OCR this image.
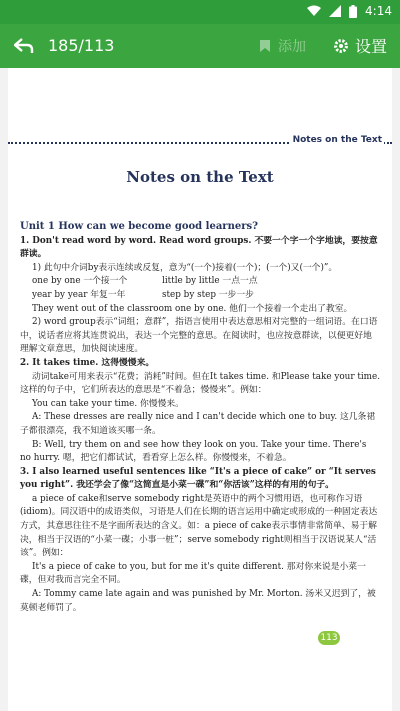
4:14
185/113	添加	设置
Notes on the Text
Notes on the Text
Unit 1 How can we become good learners?
1. Don't read word by word. Read word groups. 不要一个字一个字地读，要按意群读。
1) 此句中介词by表示连续或反复，意为“(一个)接着(一个)；(一个)又(一个)”。
one by one 一个接一个	little by little 一点一点
year by year 年复一年	step by step 一步一步
They went out of the classroom one by one. 他们一个接着一个走出了教室。
2) word group表示“词组；意群”，指语言使用中表达意思相对完整的一组词语。在口语中，说话者应将其连贯说出，表达一个完整的意思。在阅读时，也应按意群读，以便更好地理解文章意思，加快阅读速度。
2. It takes time. 这得慢慢来。
动词take可用来表示“花费；消耗”时间。但在It takes time. 和Please take your time. 这样的句子中，它们所表达的意思是“不着急；慢慢来”。例如：
You can take your time. 你慢慢来。
A: These dresses are really nice and I can't decide which one to buy. 这几条裙子都很漂亮，我不知道该买哪一条。
B: Well, try them on and see how they look on you. Take your time. There's no hurry. 嗯，把它们都试试，看看穿上怎么样。你慢慢来，不着急。
3. I also learned useful sentences like “It's a piece of cake” or “It serves you right”. 我还学会了像“这简直是小菜一碟”和“你活该”这样的有用的句子。
a piece of cake和serve somebody right是英语中的两个习惯用语，也可称作习语(idiom)。同汉语中的成语类似，习语是人们在长期的语言运用中确定或形成的一种固定表达方式，其意思往往不是字面所表达的含义。如：a piece of cake表示事情非常简单、易于解决，相当于汉语的“小菜一碟；小事一桩”；serve somebody right则相当于汉语说某人“活该”。例如：
It's a piece of cake to you, but for me it's quite different. 那对你来说是小菜一碟，但对我而言完全不同。
A: Tommy came late again and was punished by Mr. Morton. 汤米又迟到了，被莫顿老师罚了。
113
